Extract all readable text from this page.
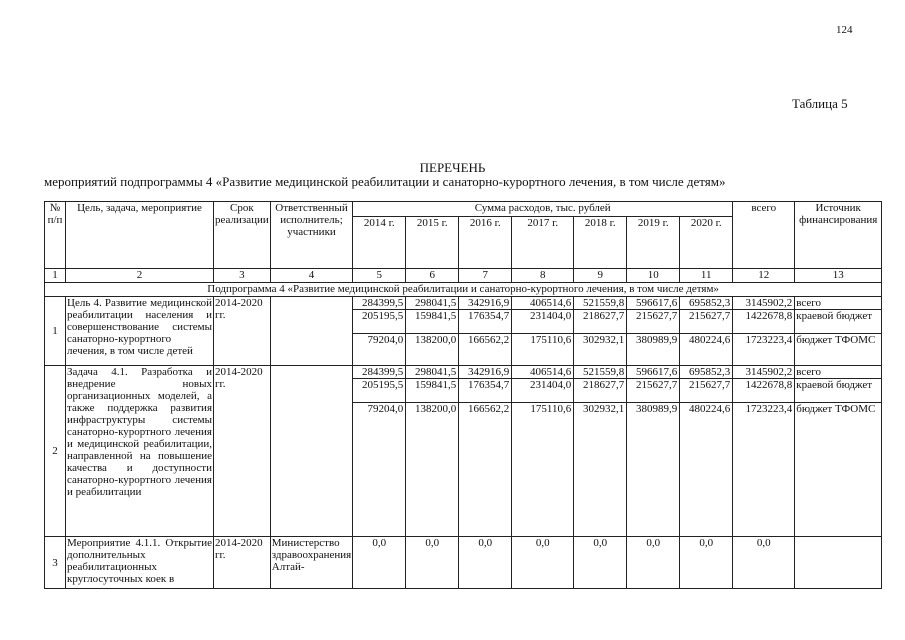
124
Таблица 5
ПЕРЕЧЕНЬ
мероприятий подпрограммы 4 «Развитие медицинской реабилитации и санаторно-курортного лечения, в том числе детям»
№ п/п	Цель, задача, мероприятие	Срок реализации	Ответственный исполнитель; участники	Сумма расходов, тыс. рублей							всего	Источник финансирования
				2014 г.	2015 г.	2016 г.	2017 г.	2018 г.	2019 г.	2020 г.		
1	2	3	4	5	6	7	8	9	10	11	12	13
Подпрограмма 4 «Развитие медицинской реабилитации и санаторно-курортного лечения, в том числе детям»												
1	Цель 4. Развитие медицинской реабилитации населения и совершенствование системы санаторно-курортного лечения, в том числе детей	2014-2020 гг.		284399,5	298041,5	342916,9	406514,6	521559,8	596617,6	695852,3	3145902,2	всего
				205195,5	159841,5	176354,7	231404,0	218627,7	215627,7	215627,7	1422678,8	краевой бюджет
				79204,0	138200,0	166562,2	175110,6	302932,1	380989,9	480224,6	1723223,4	бюджет ТФОМС
2	Задача 4.1. Разработка и внедрение новых организационных моделей, а также поддержка развития инфраструктуры системы санаторно-курортного лечения и медицинской реабилитации, направленной на повышение качества и доступности санаторно-курортного лечения и реабилитации	2014-2020 гг.		284399,5	298041,5	342916,9	406514,6	521559,8	596617,6	695852,3	3145902,2	всего
				205195,5	159841,5	176354,7	231404,0	218627,7	215627,7	215627,7	1422678,8	краевой бюджет
				79204,0	138200,0	166562,2	175110,6	302932,1	380989,9	480224,6	1723223,4	бюджет ТФОМС
3	Мероприятие 4.1.1. Открытие дополнительных реабилитационных круглосуточных коек в	2014-2020 гг.	Министерство здравоохранения Алтай-	0,0	0,0	0,0	0,0	0,0	0,0	0,0	0,0	
